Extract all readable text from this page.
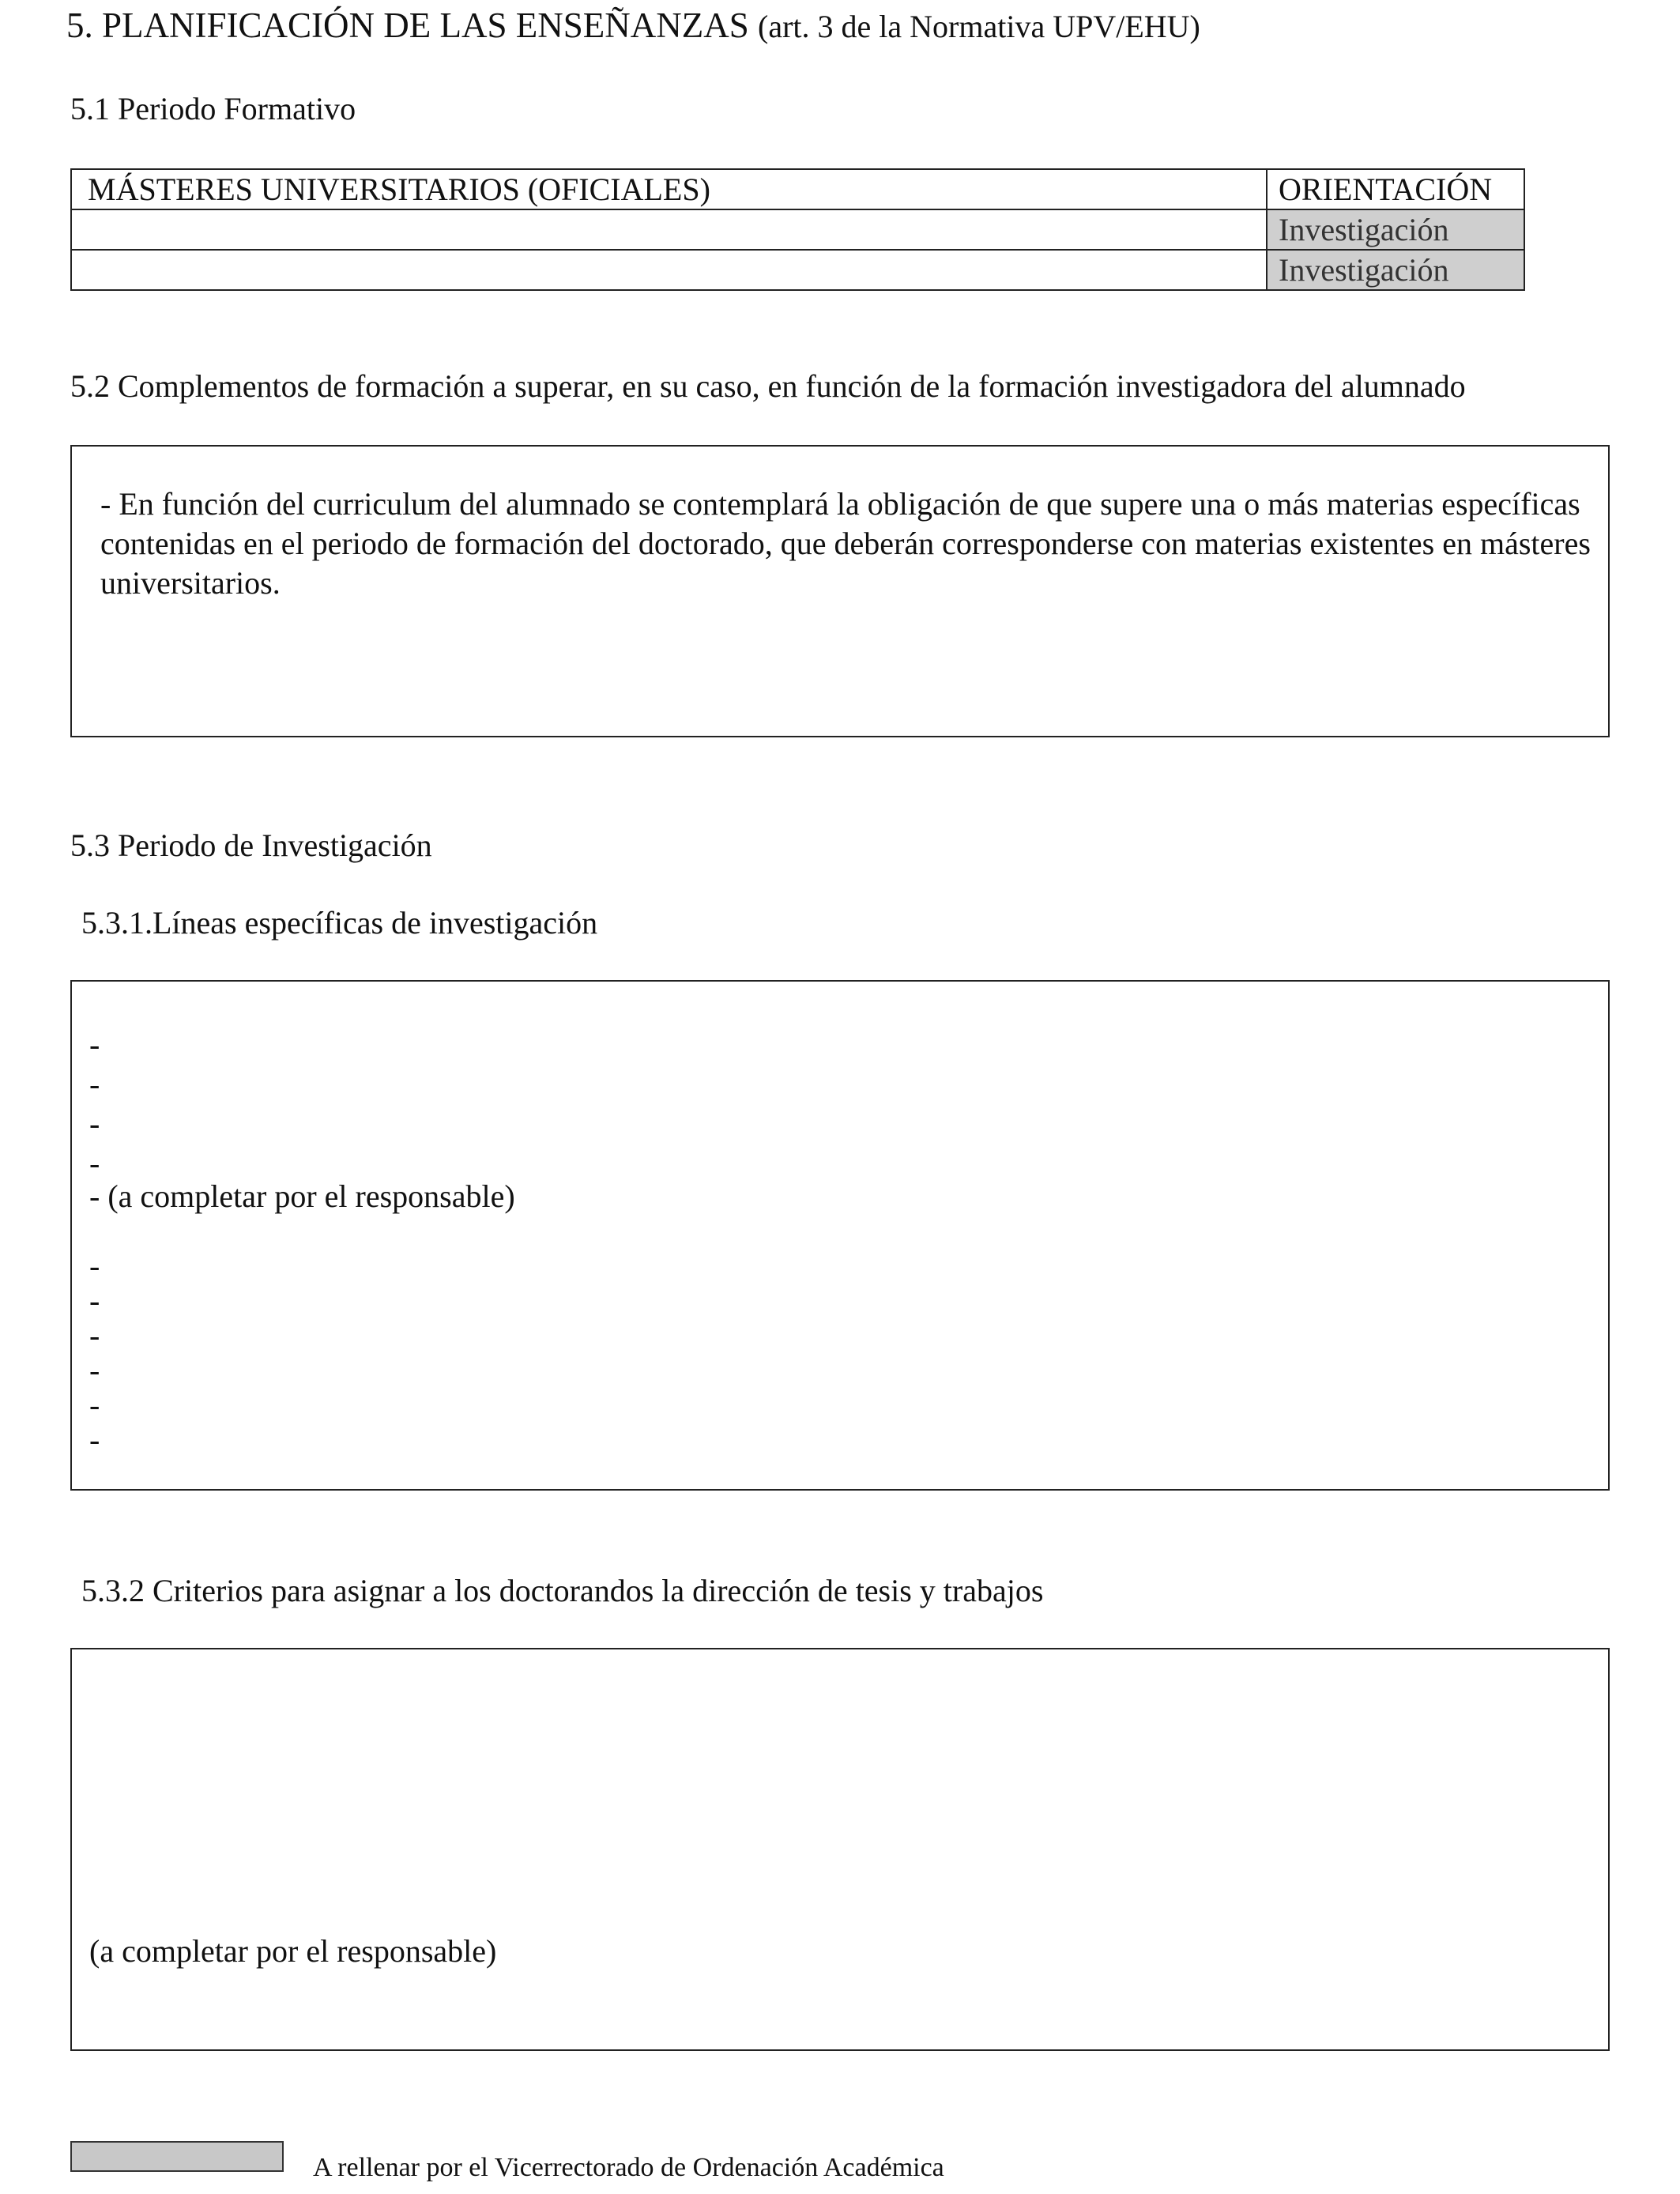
5. PLANIFICACIÓN DE LAS ENSEÑANZAS (art. 3 de la Normativa UPV/EHU)
5.1 Periodo Formativo
MÁSTERES UNIVERSITARIOS (OFICIALES)	ORIENTACIÓN
	Investigación
	Investigación
5.2 Complementos de formación a superar, en su caso, en función de la formación investigadora del alumnado
- En función del curriculum del alumnado se contemplará la obligación de que supere una o más materias específicas contenidas en el periodo de formación del doctorado, que deberán corresponderse con materias existentes en másteres universitarios.
5.3 Periodo de Investigación
5.3.1.Líneas específicas de investigación
-
-
-
-
- (a completar por el responsable)
-
-
-
-
-
-
5.3.2 Criterios para asignar a los doctorandos la dirección de tesis y trabajos
(a completar por el responsable)
A rellenar por el Vicerrectorado de Ordenación Académica
